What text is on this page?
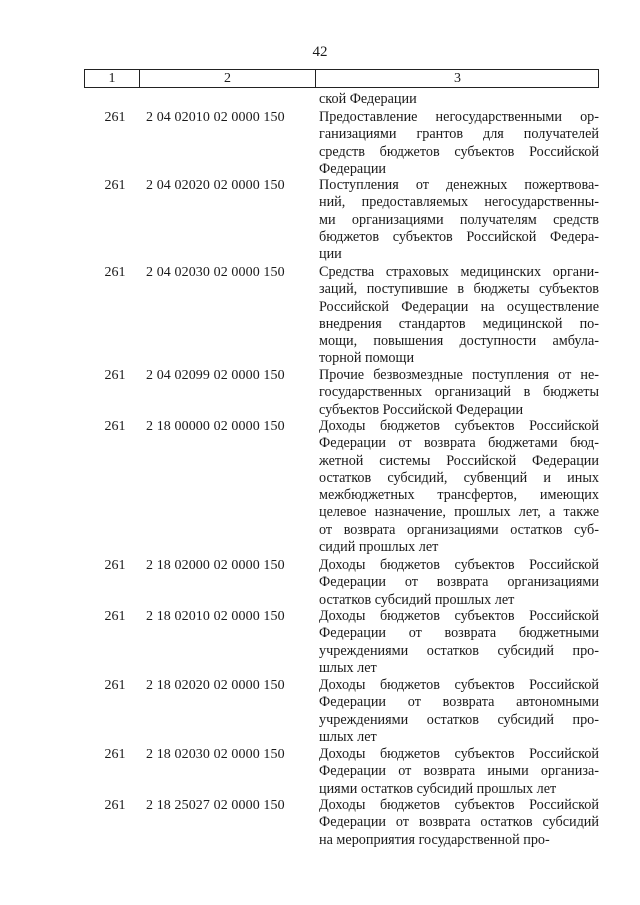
42
1	2	3
ской Федерации
261	2 04 02010 02 0000 150	Предоставление негосударственными ор-
ганизациями грантов для получателей
средств бюджетов субъектов Российской
Федерации
261	2 04 02020 02 0000 150	Поступления от денежных пожертвова-
ний, предоставляемых негосударственны-
ми организациями получателям средств
бюджетов субъектов Российской Федера-
ции
261	2 04 02030 02 0000 150	Средства страховых медицинских органи-
заций, поступившие в бюджеты субъектов
Российской Федерации на осуществление
внедрения стандартов медицинской по-
мощи, повышения доступности амбула-
торной помощи
261	2 04 02099 02 0000 150	Прочие безвозмездные поступления от не-
государственных организаций в бюджеты
субъектов Российской Федерации
261	2 18 00000 02 0000 150	Доходы бюджетов субъектов Российской
Федерации от возврата бюджетами бюд-
жетной системы Российской Федерации
остатков субсидий, субвенций и иных
межбюджетных трансфертов, имеющих
целевое назначение, прошлых лет, а также
от возврата организациями остатков суб-
сидий прошлых лет
261	2 18 02000 02 0000 150	Доходы бюджетов субъектов Российской
Федерации от возврата организациями
остатков субсидий прошлых лет
261	2 18 02010 02 0000 150	Доходы бюджетов субъектов Российской
Федерации от возврата бюджетными
учреждениями остатков субсидий про-
шлых лет
261	2 18 02020 02 0000 150	Доходы бюджетов субъектов Российской
Федерации от возврата автономными
учреждениями остатков субсидий про-
шлых лет
261	2 18 02030 02 0000 150	Доходы бюджетов субъектов Российской
Федерации от возврата иными организа-
циями остатков субсидий прошлых лет
261	2 18 25027 02 0000 150	Доходы бюджетов субъектов Российской
Федерации от возврата остатков субсидий
на мероприятия государственной про-
